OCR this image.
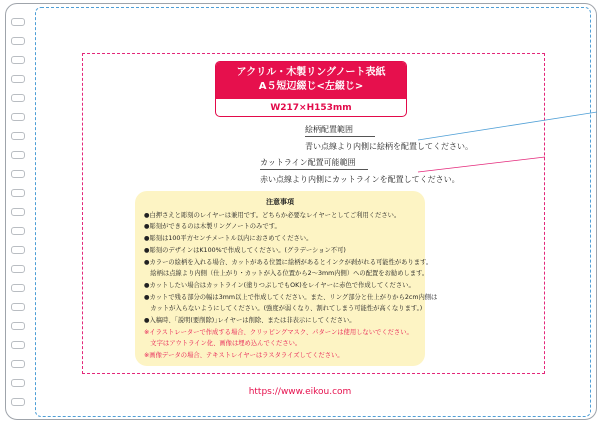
アクリル・木製リングノート表紙
A５短辺綴じ<左綴じ>
W217×H153mm
絵柄配置範囲
青い点線より内側に絵柄を配置してください。
カットライン配置可能範囲
赤い点線より内側にカットラインを配置してください。
注意事項
●白押さえと彫刻のレイヤーは兼用です。どちらか必要なレイヤーとしてご利用ください。
●彫刻ができるのは木製リングノートのみです。
●彫刻は100平方センチメートル以内におさめてください。
●彫刻のデザインはK100%で作成してください。(グラデーション不可)
●カラーの絵柄を入れる場合、カットがある位置に絵柄があるとインクが剥がれる可能性があります。
　絵柄は点線より内側（仕上がり・カットが入る位置から2～3mm内側）への配置をお勧めします。
●カットしたい場合はカットライン(塗りつぶしでもOK)をレイヤーに赤色で作成してください。
●カットで残る部分の幅は3mm以上で作成してください。また、リング部分と仕上がりから2cm内側は
　カットが入らないようにしてください。(強度が弱くなり、割れてしまう可能性が高くなります。)
●入稿時、｢説明(要削除)｣レイヤーは削除、または非表示にしてください。
※イラストレーターで作成する場合、クリッピングマスク、パターンは使用しないでください。
　文字はアウトライン化、画像は埋め込んでください。
※画像データの場合、テキストレイヤーはラスタライズしてください。
https://www.eikou.com
